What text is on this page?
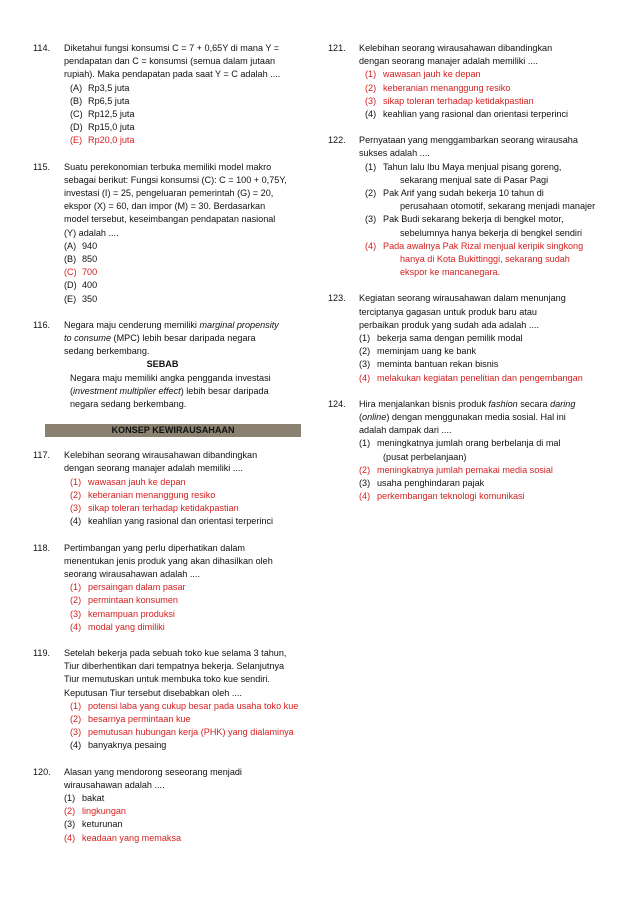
114. Diketahui fungsi konsumsi C = 7 + 0,65Y di mana Y =

pendapatan dan C = konsumsi (semua dalam jutaan

rupiah). Maka pendapatan pada saat Y = C adalah ....

(A) Rp3,5 juta
(B) Rp6,5 juta
(C) Rp12,5 juta
(D) Rp15,0 juta
(E) Rp20,0 juta
115. Suatu perekonomian terbuka memiliki model makro

sebagai berikut: Fungsi konsumsi (C): C = 100 + 0,75Y,

investasi (I) = 25, pengeluaran pemerintah (G) = 20,

ekspor (X) = 60, dan impor (M) = 30. Berdasarkan

model tersebut, keseimbangan pendapatan nasional

(Y) adalah ....

(A) 940
(B) 850
(C) 700
(D) 400
(E) 350
116. Negara maju cenderung memiliki marginal propensity

to consume (MPC) lebih besar daripada negara

sedang berkembang.

SEBAB

Negara maju memiliki angka pengganda investasi

(investment multiplier effect) lebih besar daripada

negara sedang berkembang.

KONSEP KEWIRAUSAHAAN
117. Kelebihan seorang wirausahawan dibandingkan

dengan seorang manajer adalah memiliki ....

(1) wawasan jauh ke depan
(2) keberanian menanggung resiko
(3) sikap toleran terhadap ketidakpastian
(4) keahlian yang rasional dan orientasi terperinci
118. Pertimbangan yang perlu diperhatikan dalam

menentukan jenis produk yang akan dihasilkan oleh

seorang wirausahawan adalah ....

(1) persaingan dalam pasar
(2) permintaan konsumen
(3) kemampuan produksi
(4) modal yang dimiliki
119. Setelah bekerja pada sebuah toko kue selama 3 tahun,

Tiur diberhentikan dari tempatnya bekerja. Selanjutnya

Tiur memutuskan untuk membuka toko kue sendiri.

Keputusan Tiur tersebut disebabkan oleh ....

(1) potensi laba yang cukup besar pada usaha toko kue
(2) besarnya permintaan kue
(3) pemutusan hubungan kerja (PHK) yang dialaminya
(4) banyaknya pesaing
120. Alasan yang mendorong seseorang menjadi

wirausahawan adalah ....

(1) bakat
(2) lingkungan
(3) keturunan
(4) keadaan yang memaksa
121. Kelebihan seorang wirausahawan dibandingkan

dengan seorang manajer adalah memiliki ....

(1) wawasan jauh ke depan
(2) keberanian menanggung resiko
(3) sikap toleran terhadap ketidakpastian
(4) keahlian yang rasional dan orientasi terperinci
122. Pernyataan yang menggambarkan seorang wirausaha

sukses adalah ....

(1) Tahun lalu Ibu Maya menjual pisang goreng,
sekarang menjual sate di Pasar Pagi
(2) Pak Arif yang sudah bekerja 10 tahun di
perusahaan otomotif, sekarang menjadi manajer
(3) Pak Budi sekarang bekerja di bengkel motor,
sebelumnya hanya bekerja di bengkel sendiri
(4) Pada awalnya Pak Rizal menjual keripik singkong
hanya di Kota Bukittinggi, sekarang sudah
ekspor ke mancanegara.
123. Kegiatan seorang wirausahawan dalam menunjang

terciptanya gagasan untuk produk baru atau

perbaikan produk yang sudah ada adalah ....

(1) bekerja sama dengan pemilik modal
(2) meminjam uang ke bank
(3) meminta bantuan rekan bisnis
(4) melakukan kegiatan penelitian dan pengembangan
124. Hira menjalankan bisnis produk fashion secara daring

(online) dengan menggunakan media sosial. Hal ini

adalah dampak dari ....

(1) meningkatnya jumlah orang berbelanja di mal
(pusat perbelanjaan)
(2) meningkatnya jumlah pemakai media sosial
(3) usaha penghindaran pajak
(4) perkembangan teknologi komunikasi
